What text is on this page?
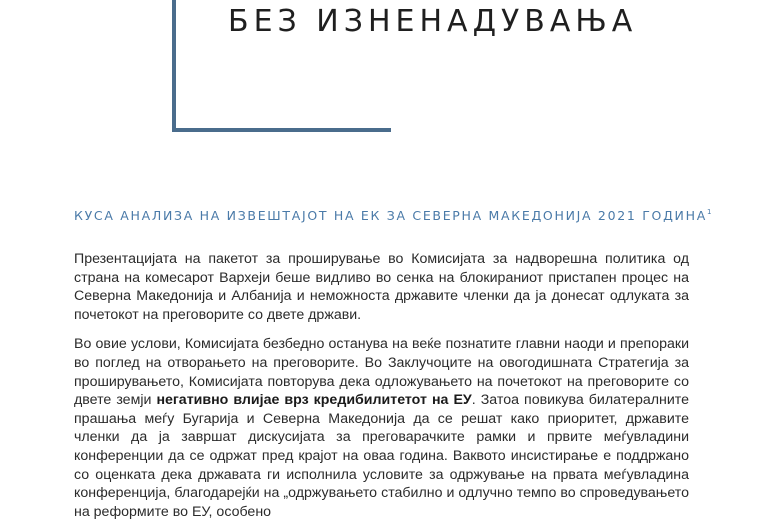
БЕЗ ИЗНЕНАДУВАЊА
КУСА АНАЛИЗА НА ИЗВЕШТАЈОТ НА ЕК ЗА СЕВЕРНА МАКЕДОНИЈА 2021 ГОДИНА$^1$

Презентацијата на пакетот за проширување во Комисијата за надворешна политика од страна на комесарот Вархеји беше видливо во сенка на блокираниот пристапен процес на Северна Македонија и Албанија и неможноста државите членки да ја донесат одлуката за почетокот на преговорите со двете држави.

Во овие услови, Комисијата безбедно останува на веќе познатите главни наоди и препораки во поглед на отворањето на преговорите. Во Заклучоците на овогодишната Стратегија за проширувањето, Комисијата повторува дека одложувањето на почетокот на преговорите со двете земји негативно влијае врз кредибилитетот на ЕУ. Затоа повикува билатералните прашања меѓу Бугарија и Северна Македонија да се решат како приоритет, државите членки да ја завршат дискусијата за преговарачките рамки и првите меѓувладини конференции да се одржат пред крајот на оваа година. Ваквото инсистирање е поддржано со оценката дека државата ги исполнила условите за одржување на првата меѓувладина конференција, благодарејќи на „одржувањето стабилно и одлучно темпо во спроведувањето на реформите во ЕУ, особено
